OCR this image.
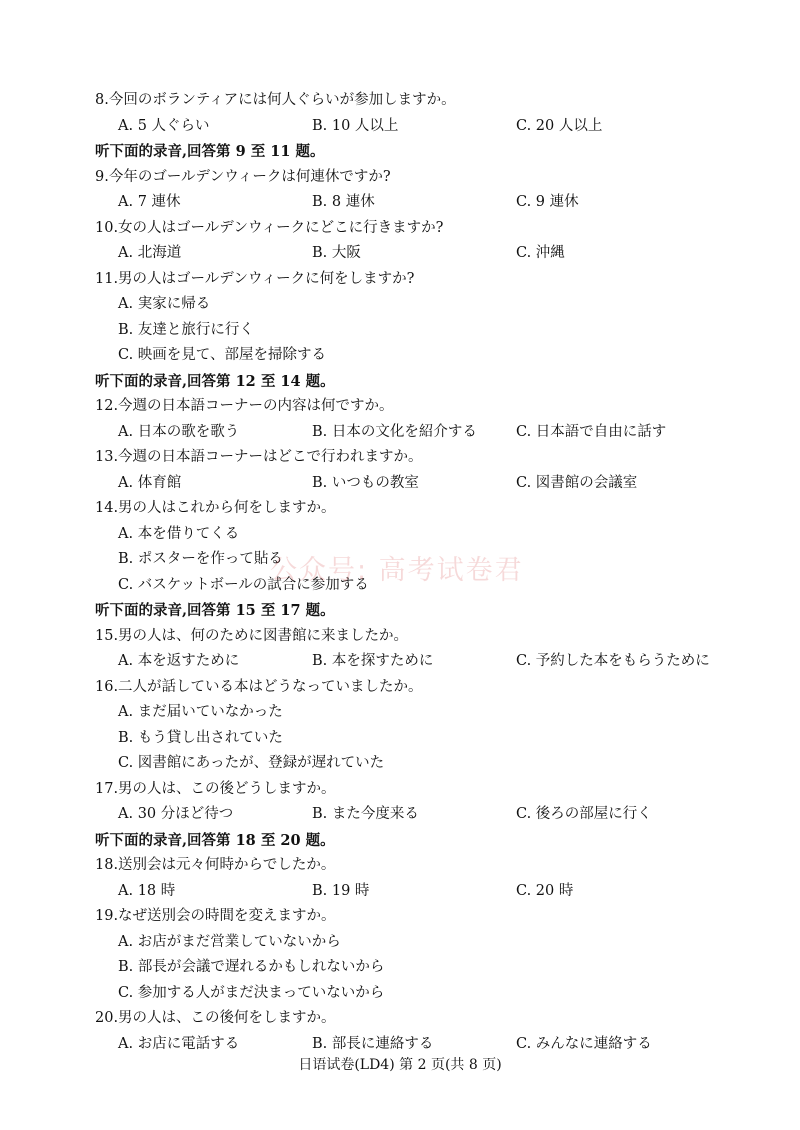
8.今回のボランティアには何人ぐらいが参加しますか。
A. 5 人ぐらい	B. 10 人以上	C. 20 人以上
听下面的录音,回答第 9 至 11 题。
9.今年のゴールデンウィークは何連休ですか?
A. 7 連休	B. 8 連休	C. 9 連休
10.女の人はゴールデンウィークにどこに行きますか?
A. 北海道	B. 大阪	C. 沖縄
11.男の人はゴールデンウィークに何をしますか?
A. 実家に帰る
B. 友達と旅行に行く
C. 映画を見て、部屋を掃除する
听下面的录音,回答第 12 至 14 题。
12.今週の日本語コーナーの内容は何ですか。
A. 日本の歌を歌う	B. 日本の文化を紹介する	C. 日本語で自由に話す
13.今週の日本語コーナーはどこで行われますか。
A. 体育館	B. いつもの教室	C. 図書館の会議室
14.男の人はこれから何をしますか。
A. 本を借りてくる
B. ポスターを作って貼る
C. バスケットボールの試合に参加する
听下面的录音,回答第 15 至 17 题。
15.男の人は、何のために図書館に来ましたか。
A. 本を返すために	B. 本を探すために	C. 予約した本をもらうために
16.二人が話している本はどうなっていましたか。
A. まだ届いていなかった
B. もう貸し出されていた
C. 図書館にあったが、登録が遅れていた
17.男の人は、この後どうしますか。
A. 30 分ほど待つ	B. また今度来る	C. 後ろの部屋に行く
听下面的录音,回答第 18 至 20 题。
18.送別会は元々何時からでしたか。
A. 18 時	B. 19 時	C. 20 時
19.なぜ送別会の時間を変えますか。
A. お店がまだ営業していないから
B. 部長が会議で遅れるかもしれないから
C. 参加する人がまだ決まっていないから
20.男の人は、この後何をしますか。
A. お店に電話する	B. 部長に連絡する	C. みんなに連絡する
公众号: 高考试卷君
日语试卷(LD4) 第 2 页(共 8 页)
